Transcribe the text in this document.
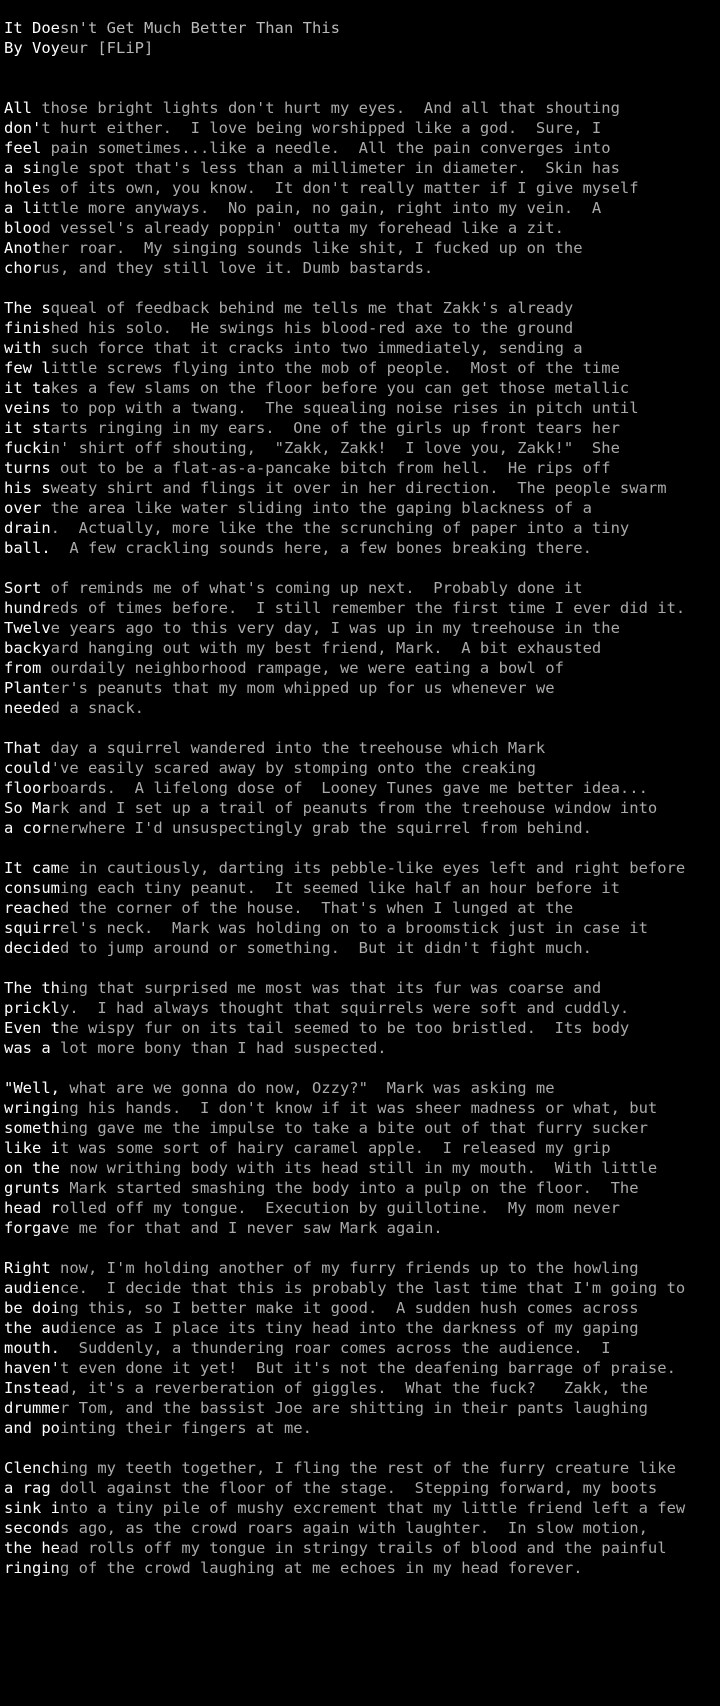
It Doesn't Get Much Better Than This
By Voyeur [FLiP]
All those bright lights don't hurt my eyes.  And all that shouting
don't hurt either.  I love being worshipped like a god.  Sure, I
feel pain sometimes...like a needle.  All the pain converges into
a single spot that's less than a millimeter in diameter.  Skin has
holes of its own, you know.  It don't really matter if I give myself
a little more anyways.  No pain, no gain, right into my vein.  A
blood vessel's already poppin' outta my forehead like a zit.
Another roar.  My singing sounds like shit, I fucked up on the
chorus, and they still love it. Dumb bastards.
The squeal of feedback behind me tells me that Zakk's already
finished his solo.  He swings his blood-red axe to the ground
with such force that it cracks into two immediately, sending a
few little screws flying into the mob of people.  Most of the time
it takes a few slams on the floor before you can get those metallic
veins to pop with a twang.  The squealing noise rises in pitch until
it starts ringing in my ears.  One of the girls up front tears her
fuckin' shirt off shouting,  "Zakk, Zakk!  I love you, Zakk!"  She
turns out to be a flat-as-a-pancake bitch from hell.  He rips off
his sweaty shirt and flings it over in her direction.  The people swarm
over the area like water sliding into the gaping blackness of a
drain.  Actually, more like the the scrunching of paper into a tiny
ball.  A few crackling sounds here, a few bones breaking there.
Sort of reminds me of what's coming up next.  Probably done it
hundreds of times before.  I still remember the first time I ever did it.
Twelve years ago to this very day, I was up in my treehouse in the
backyard hanging out with my best friend, Mark.  A bit exhausted
from ourdaily neighborhood rampage, we were eating a bowl of
Planter's peanuts that my mom whipped up for us whenever we
needed a snack.
That day a squirrel wandered into the treehouse which Mark
could've easily scared away by stomping onto the creaking
floorboards.  A lifelong dose of  Looney Tunes gave me better idea...
So Mark and I set up a trail of peanuts from the treehouse window into
a cornerwhere I'd unsuspectingly grab the squirrel from behind.
It came in cautiously, darting its pebble-like eyes left and right before
consuming each tiny peanut.  It seemed like half an hour before it
reached the corner of the house.  That's when I lunged at the
squirrel's neck.  Mark was holding on to a broomstick just in case it
decided to jump around or something.  But it didn't fight much.
The thing that surprised me most was that its fur was coarse and
prickly.  I had always thought that squirrels were soft and cuddly.
Even the wispy fur on its tail seemed to be too bristled.  Its body
was a lot more bony than I had suspected.
"Well, what are we gonna do now, Ozzy?"  Mark was asking me
wringing his hands.  I don't know if it was sheer madness or what, but
something gave me the impulse to take a bite out of that furry sucker
like it was some sort of hairy caramel apple.  I released my grip
on the now writhing body with its head still in my mouth.  With little
grunts Mark started smashing the body into a pulp on the floor.  The
head rolled off my tongue.  Execution by guillotine.  My mom never
forgave me for that and I never saw Mark again.
Right now, I'm holding another of my furry friends up to the howling
audience.  I decide that this is probably the last time that I'm going to
be doing this, so I better make it good.  A sudden hush comes across
the audience as I place its tiny head into the darkness of my gaping
mouth.  Suddenly, a thundering roar comes across the audience.  I
haven't even done it yet!  But it's not the deafening barrage of praise.
Instead, it's a reverberation of giggles.  What the fuck?   Zakk, the
drummer Tom, and the bassist Joe are shitting in their pants laughing
and pointing their fingers at me.
Clenching my teeth together, I fling the rest of the furry creature like
a rag doll against the floor of the stage.  Stepping forward, my boots
sink into a tiny pile of mushy excrement that my little friend left a few
seconds ago, as the crowd roars again with laughter.  In slow motion,
the head rolls off my tongue in stringy trails of blood and the painful
ringing of the crowd laughing at me echoes in my head forever.
